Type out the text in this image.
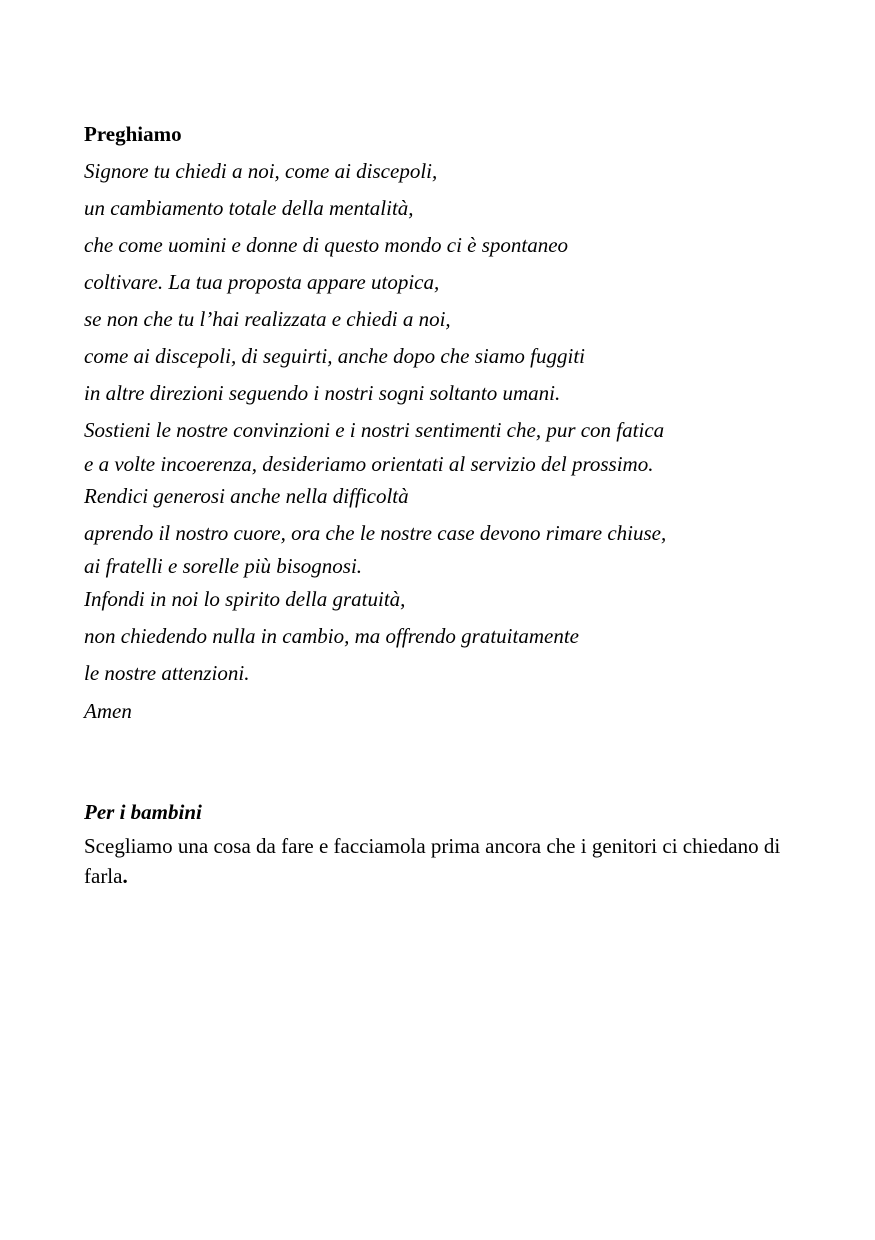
Preghiamo

Signore tu chiedi a noi, come ai discepoli,

un cambiamento totale della mentalità,

che come uomini e donne di questo mondo ci è spontaneo

coltivare. La tua proposta appare utopica,

se non che tu l’hai realizzata e chiedi a noi,

come ai discepoli, di seguirti, anche dopo che siamo fuggiti

in altre direzioni seguendo i nostri sogni soltanto umani.

Sostieni le nostre convinzioni e i nostri sentimenti che, pur con fatica

e a volte incoerenza, desideriamo orientati al servizio del prossimo.

Rendici generosi anche nella difficoltà

aprendo il nostro cuore, ora che le nostre case devono rimare chiuse,

ai fratelli e sorelle più bisognosi.

Infondi in noi lo spirito della gratuità,

non chiedendo nulla in cambio, ma offrendo gratuitamente

le nostre attenzioni.

Amen

Per i bambini

Scegliamo una cosa da fare e facciamola prima ancora che i genitori ci chiedano di farla.
